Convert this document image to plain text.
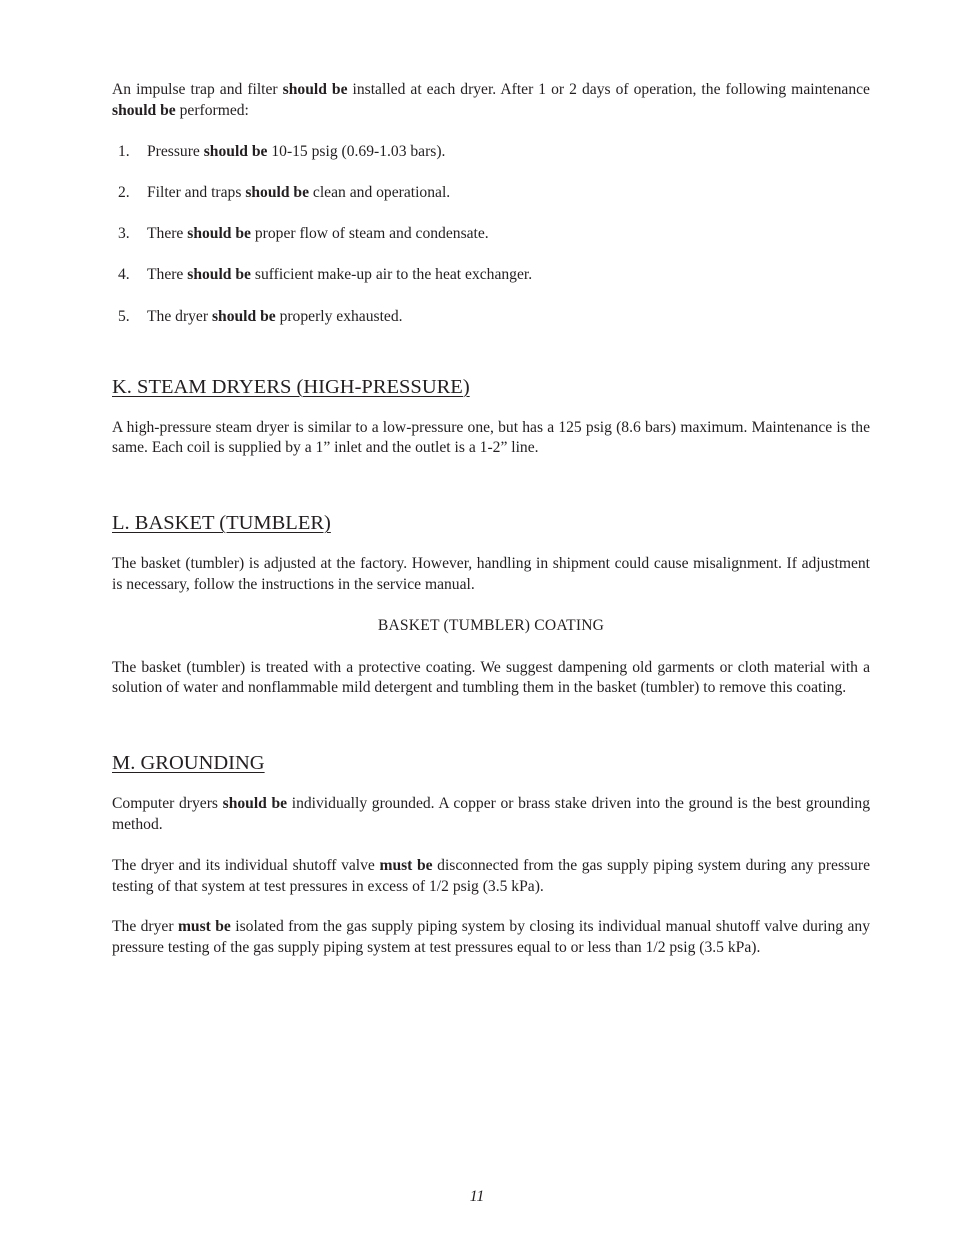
An impulse trap and filter should be installed at each dryer. After 1 or 2 days of operation, the following maintenance should be performed:

1. Pressure should be 10-15 psig (0.69-1.03 bars).
2. Filter and traps should be clean and operational.
3. There should be proper flow of steam and condensate.
4. There should be sufficient make-up air to the heat exchanger.
5. The dryer should be properly exhausted.
K. STEAM DRYERS (HIGH-PRESSURE)

A high-pressure steam dryer is similar to a low-pressure one, but has a 125 psig (8.6 bars) maximum. Maintenance is the same. Each coil is supplied by a 1” inlet and the outlet is a 1-2” line.

L. BASKET (TUMBLER)

The basket (tumbler) is adjusted at the factory. However, handling in shipment could cause misalignment. If adjustment is necessary, follow the instructions in the service manual.

BASKET (TUMBLER) COATING

The basket (tumbler) is treated with a protective coating. We suggest dampening old garments or cloth material with a solution of water and nonflammable mild detergent and tumbling them in the basket (tumbler) to remove this coating.

M. GROUNDING

Computer dryers should be individually grounded. A copper or brass stake driven into the ground is the best grounding method.

The dryer and its individual shutoff valve must be disconnected from the gas supply piping system during any pressure testing of that system at test pressures in excess of 1/2 psig (3.5 kPa).

The dryer must be isolated from the gas supply piping system by closing its individual manual shutoff valve during any pressure testing of the gas supply piping system at test pressures equal to or less than 1/2 psig (3.5 kPa).

11
